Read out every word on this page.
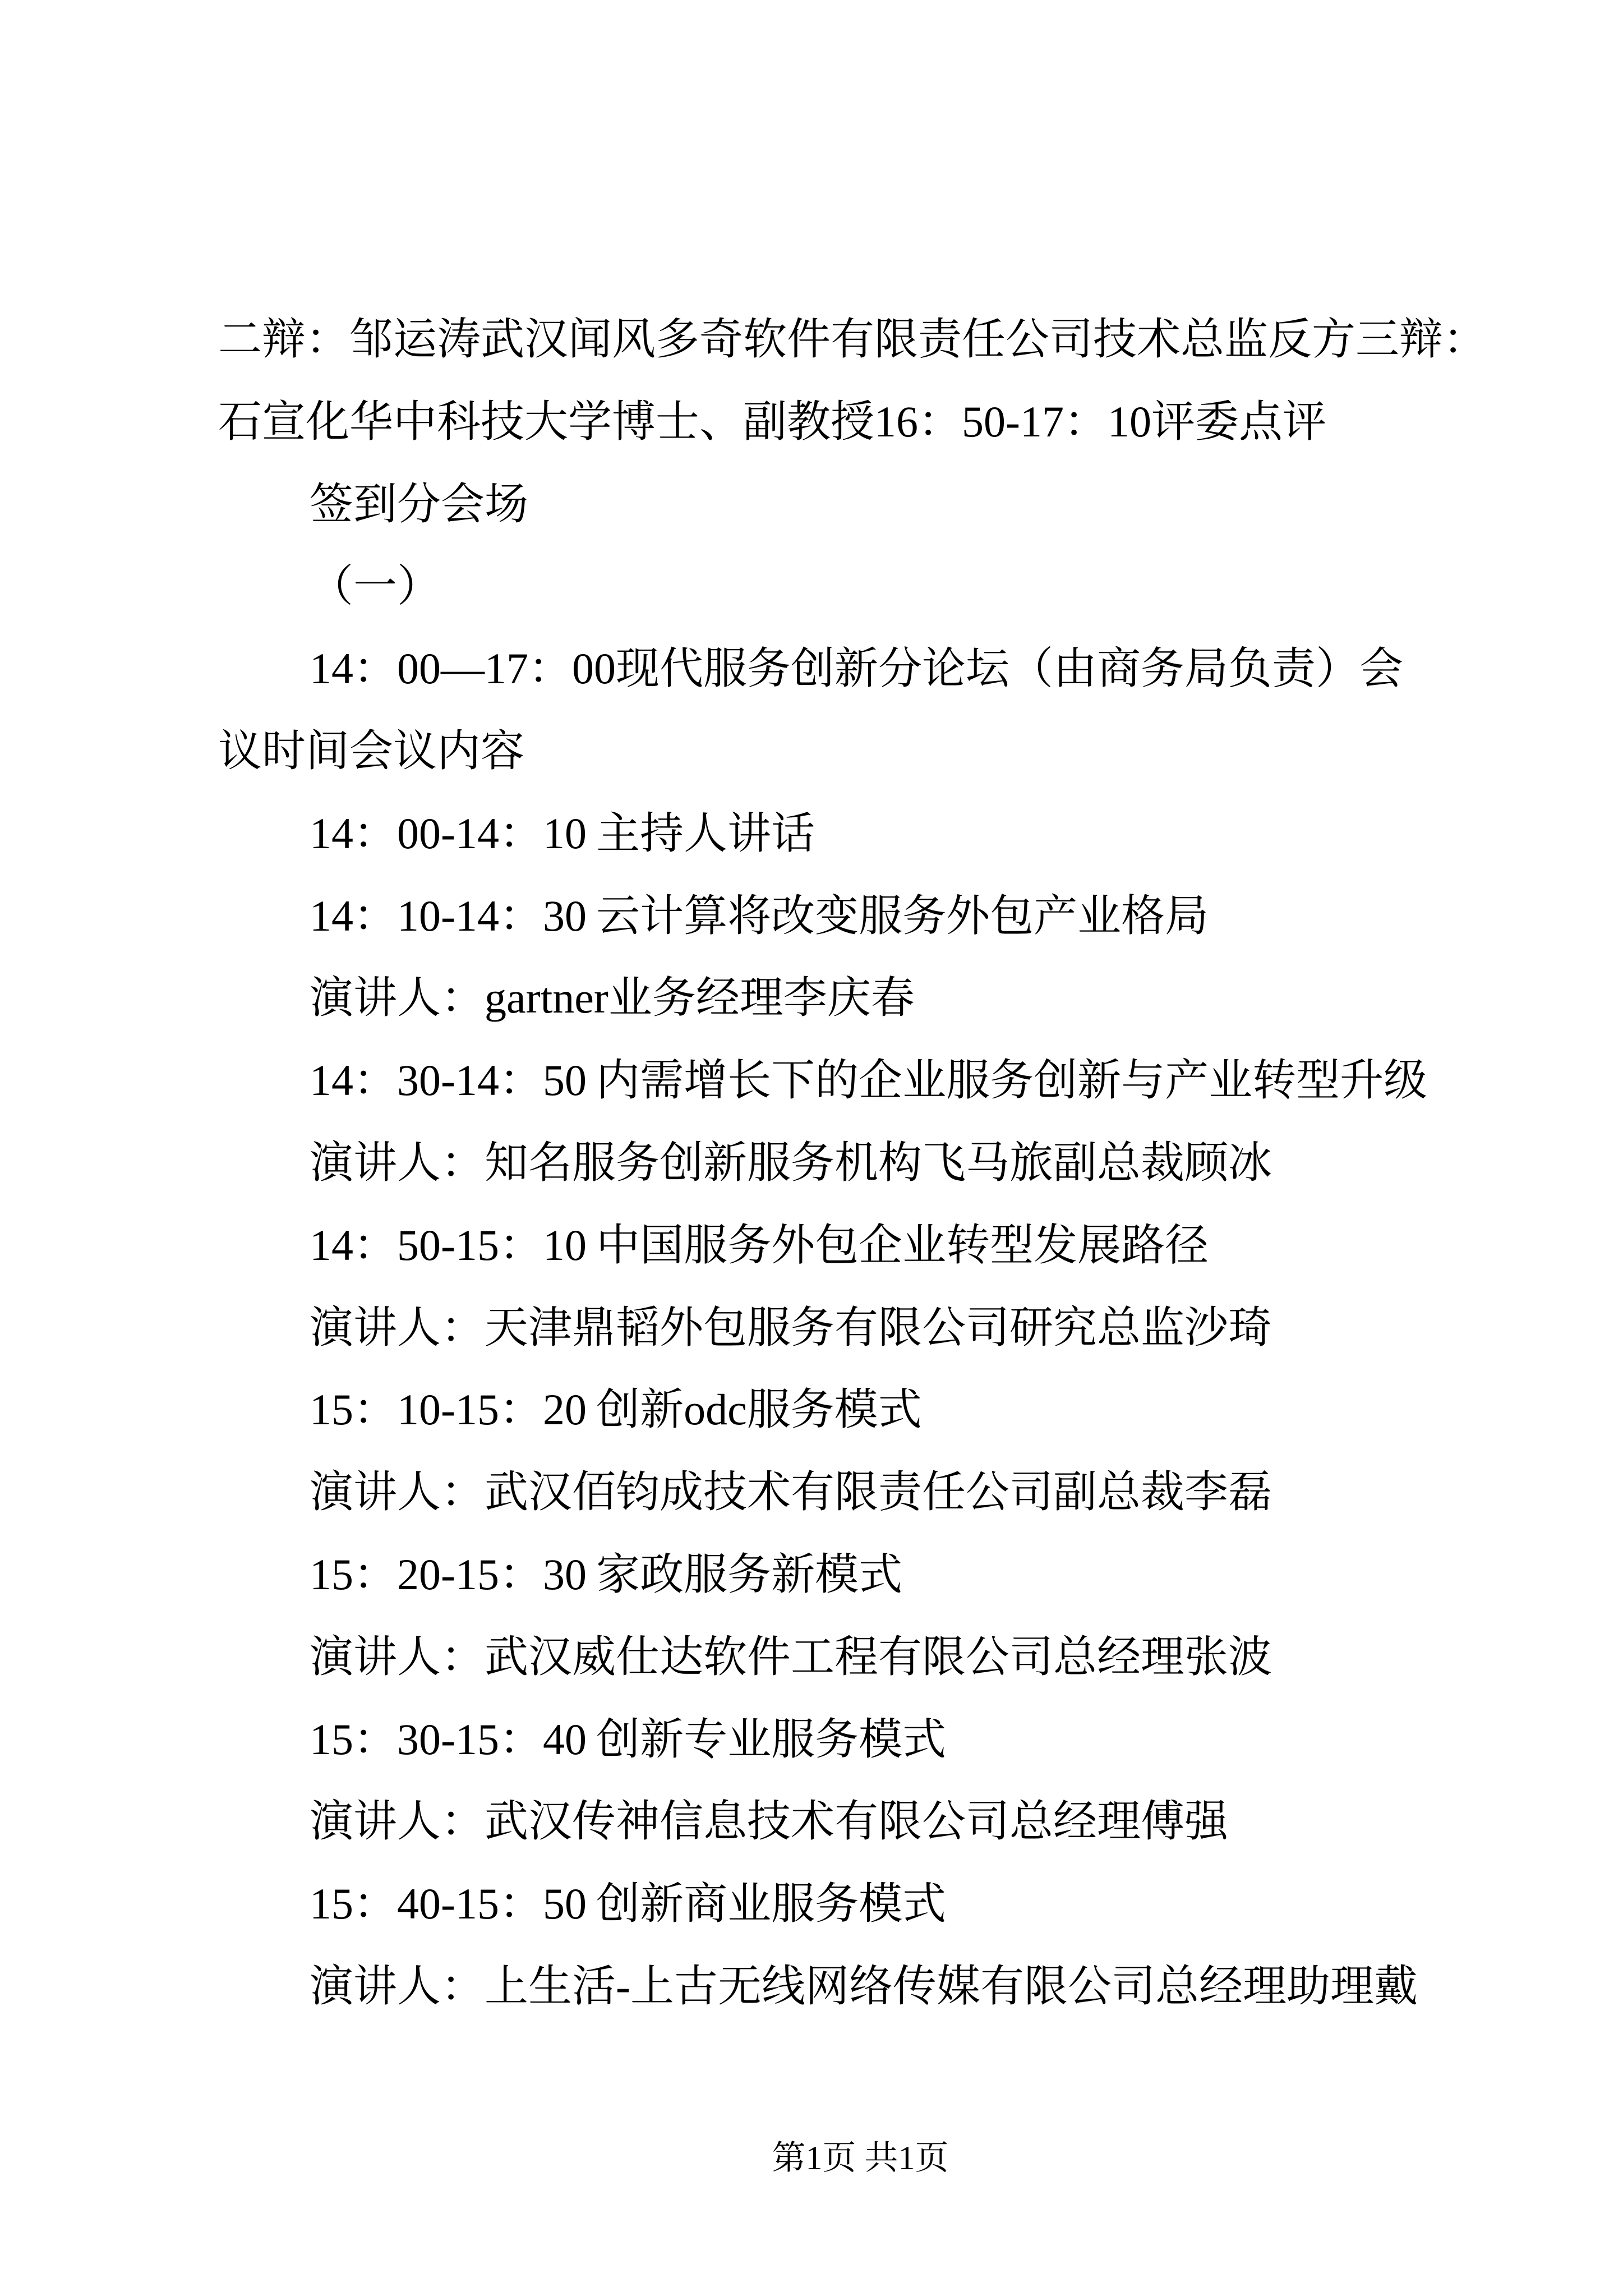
二辩：邹运涛武汉闻风多奇软件有限责任公司技术总监反方三辩：
石宣化华中科技大学博士、副教授16：50-17：10评委点评
签到分会场
（一）
14：00—17：00现代服务创新分论坛（由商务局负责）会
议时间会议内容
14：00-14：10 主持人讲话
14：10-14：30 云计算将改变服务外包产业格局
演讲人：gartner业务经理李庆春
14：30-14：50 内需增长下的企业服务创新与产业转型升级
演讲人：知名服务创新服务机构飞马旅副总裁顾冰
14：50-15：10 中国服务外包企业转型发展路径
演讲人：天津鼎韬外包服务有限公司研究总监沙琦
15：10-15：20 创新odc服务模式
演讲人：武汉佰钧成技术有限责任公司副总裁李磊
15：20-15：30 家政服务新模式
演讲人：武汉威仕达软件工程有限公司总经理张波
15：30-15：40 创新专业服务模式
演讲人：武汉传神信息技术有限公司总经理傅强
15：40-15：50 创新商业服务模式
演讲人：上生活-上古无线网络传媒有限公司总经理助理戴
第1页 共1页
